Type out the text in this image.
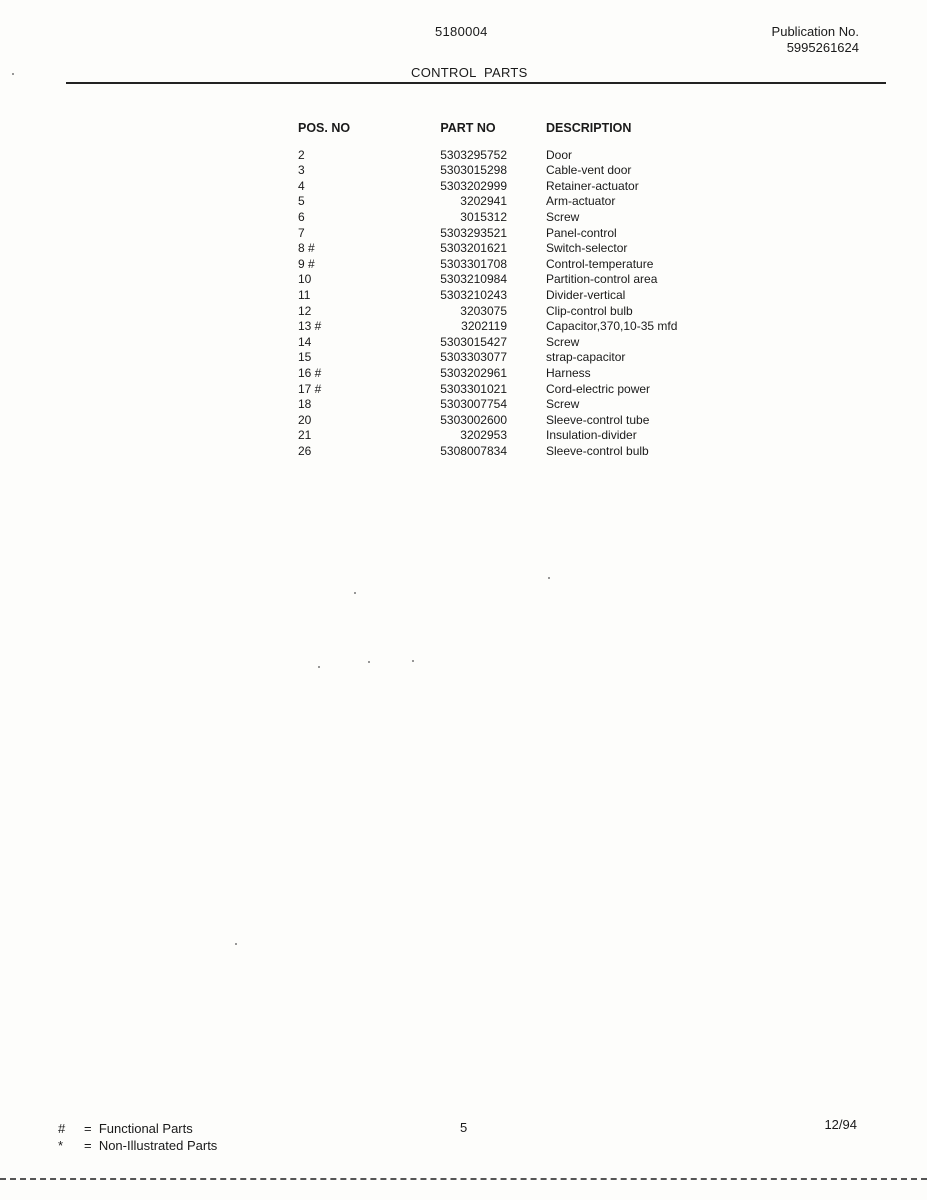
5180004	Publication No.
5995261624
CONTROL  PARTS
POS. NO	PART NO	DESCRIPTION
2	5303295752	Door
3	5303015298	Cable-vent door
4	5303202999	Retainer-actuator
5	3202941	Arm-actuator
6	3015312	Screw
7	5303293521	Panel-control
8 #	5303201621	Switch-selector
9 #	5303301708	Control-temperature
10	5303210984	Partition-control area
11	5303210243	Divider-vertical
12	3203075	Clip-control bulb
13 #	3202119	Capacitor,370,10-35 mfd
14	5303015427	Screw
15	5303303077	strap-capacitor
16 #	5303202961	Harness
17 #	5303301021	Cord-electric power
18	5303007754	Screw
20	5303002600	Sleeve-control tube
21	3202953	Insulation-divider
26	5308007834	Sleeve-control bulb
# =  Functional Parts
* =  Non-Illustrated Parts
5	12/94
